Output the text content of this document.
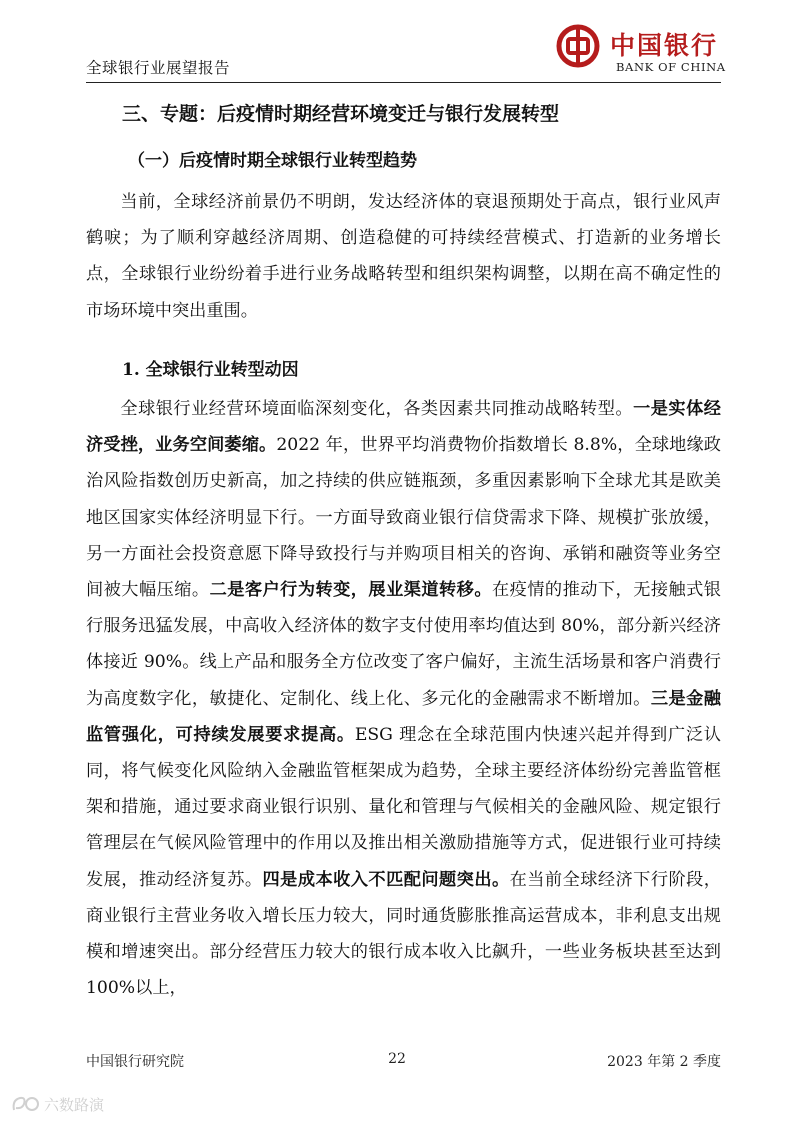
全球银行业展望报告
中国银行
BANK OF CHINA
三、专题：后疫情时期经营环境变迁与银行发展转型
（一）后疫情时期全球银行业转型趋势
当前，全球经济前景仍不明朗，发达经济体的衰退预期处于高点，银行业风声鹤唳；为了顺利穿越经济周期、创造稳健的可持续经营模式、打造新的业务增长点，全球银行业纷纷着手进行业务战略转型和组织架构调整，以期在高不确定性的市场环境中突出重围。
1. 全球银行业转型动因
全球银行业经营环境面临深刻变化，各类因素共同推动战略转型。一是实体经济受挫，业务空间萎缩。2022 年，世界平均消费物价指数增长 8.8%，全球地缘政治风险指数创历史新高，加之持续的供应链瓶颈，多重因素影响下全球尤其是欧美地区国家实体经济明显下行。一方面导致商业银行信贷需求下降、规模扩张放缓，另一方面社会投资意愿下降导致投行与并购项目相关的咨询、承销和融资等业务空间被大幅压缩。二是客户行为转变，展业渠道转移。在疫情的推动下，无接触式银行服务迅猛发展，中高收入经济体的数字支付使用率均值达到 80%，部分新兴经济体接近 90%。线上产品和服务全方位改变了客户偏好，主流生活场景和客户消费行为高度数字化，敏捷化、定制化、线上化、多元化的金融需求不断增加。三是金融监管强化，可持续发展要求提高。ESG 理念在全球范围内快速兴起并得到广泛认同，将气候变化风险纳入金融监管框架成为趋势，全球主要经济体纷纷完善监管框架和措施，通过要求商业银行识别、量化和管理与气候相关的金融风险、规定银行管理层在气候风险管理中的作用以及推出相关激励措施等方式，促进银行业可持续发展，推动经济复苏。四是成本收入不匹配问题突出。在当前全球经济下行阶段，商业银行主营业务收入增长压力较大，同时通货膨胀推高运营成本，非利息支出规模和增速突出。部分经营压力较大的银行成本收入比飙升，一些业务板块甚至达到 100%以上，
中国银行研究院	22	2023 年第 2 季度
六数路演
